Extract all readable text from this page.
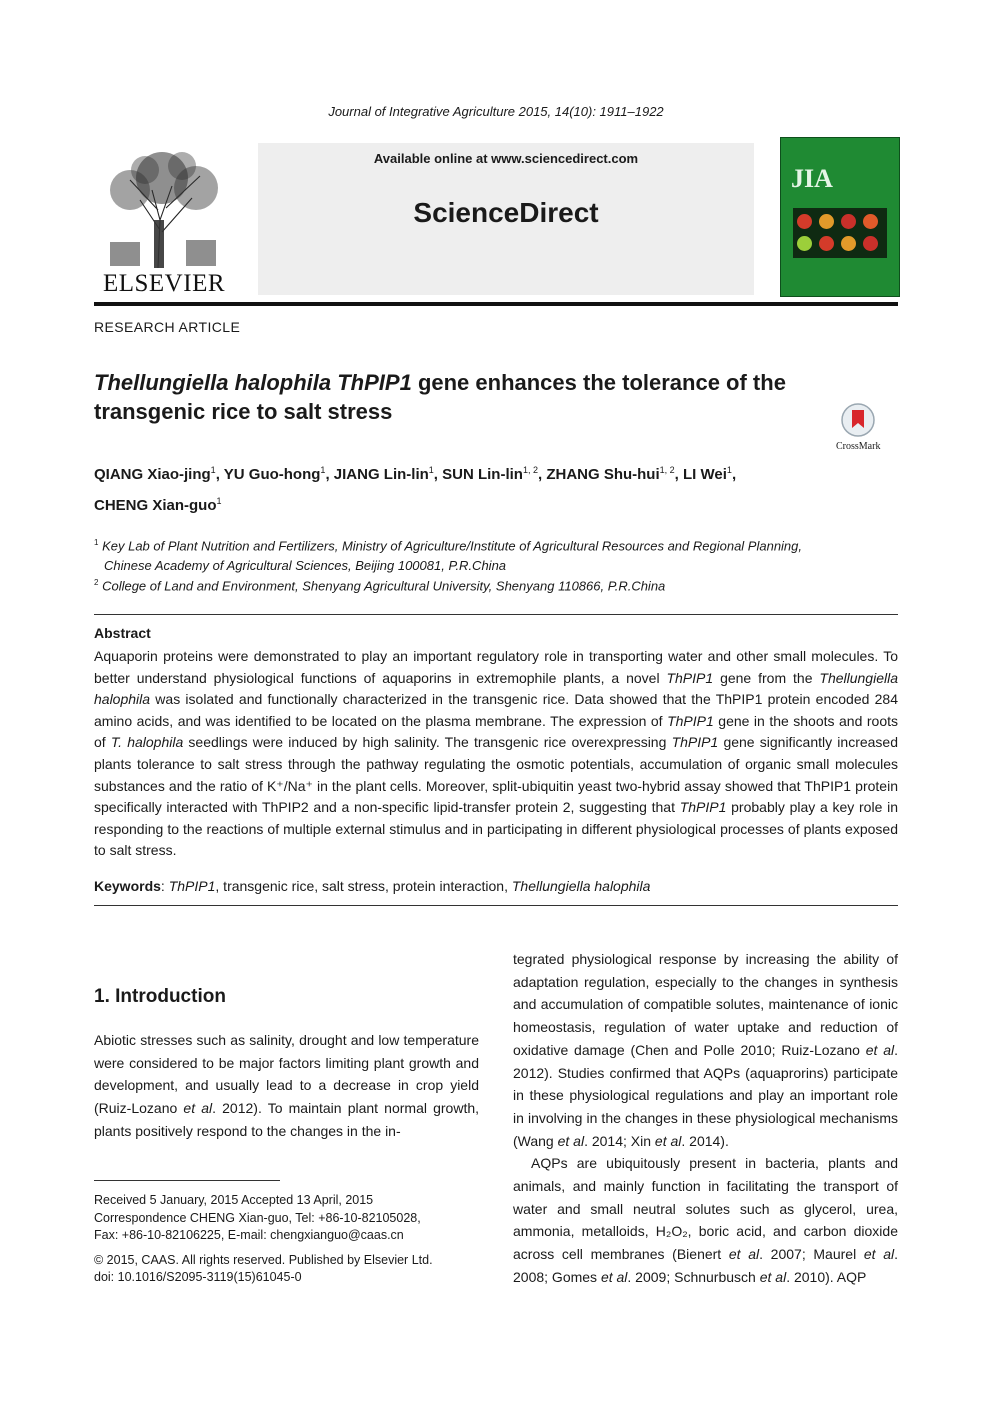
Journal of Integrative Agriculture 2015, 14(10): 1911–1922
ELSEVIER
Available online at www.sciencedirect.com
ScienceDirect
JIA
RESEARCH ARTICLE
Thellungiella halophila ThPIP1 gene enhances the tolerance of the transgenic rice to salt stress
CrossMark
QIANG Xiao-jing$^1$, YU Guo-hong$^1$, JIANG Lin-lin$^1$, SUN Lin-lin$^{1, 2}$, ZHANG Shu-hui$^{1, 2}$, LI Wei$^1$,
CHENG Xian-guo$^1$
$^1$ Key Lab of Plant Nutrition and Fertilizers, Ministry of Agriculture/Institute of Agricultural Resources and Regional Planning,
Chinese Academy of Agricultural Sciences, Beijing 100081, P.R.China
$^2$ College of Land and Environment, Shenyang Agricultural University, Shenyang 110866, P.R.China
Abstract
Aquaporin proteins were demonstrated to play an important regulatory role in transporting water and other small molecules. To better understand physiological functions of aquaporins in extremophile plants, a novel ThPIP1 gene from the Thellungiella halophila was isolated and functionally characterized in the transgenic rice. Data showed that the ThPIP1 protein encoded 284 amino acids, and was identified to be located on the plasma membrane. The expression of ThPIP1 gene in the shoots and roots of T. halophila seedlings were induced by high salinity. The transgenic rice overexpressing ThPIP1 gene significantly increased plants tolerance to salt stress through the pathway regulating the osmotic potentials, accumulation of organic small molecules substances and the ratio of K⁺/Na⁺ in the plant cells. Moreover, split-ubiquitin yeast two-hybrid assay showed that ThPIP1 protein specifically interacted with ThPIP2 and a non-specific lipid-transfer protein 2, suggesting that ThPIP1 probably play a key role in responding to the reactions of multiple external stimulus and in participating in different physiological processes of plants exposed to salt stress.
Keywords: ThPIP1, transgenic rice, salt stress, protein interaction, Thellungiella halophila
1. Introduction
Abiotic stresses such as salinity, drought and low temperature were considered to be major factors limiting plant growth and development, and usually lead to a decrease in crop yield (Ruiz-Lozano et al. 2012). To maintain plant normal growth, plants positively respond to the changes in the in-

tegrated physiological response by increasing the ability of adaptation regulation, especially to the changes in synthesis and accumulation of compatible solutes, maintenance of ionic homeostasis, regulation of water uptake and reduction of oxidative damage (Chen and Polle 2010; Ruiz-Lozano et al. 2012). Studies confirmed that AQPs (aquaprorins) participate in these physiological regulations and play an important role in involving in the changes in these physiological mechanisms (Wang et al. 2014; Xin et al. 2014).

AQPs are ubiquitously present in bacteria, plants and animals, and mainly function in facilitating the transport of water and small neutral solutes such as glycerol, urea, ammonia, metalloids, H₂O₂, boric acid, and carbon dioxide across cell membranes (Bienert et al. 2007; Maurel et al. 2008; Gomes et al. 2009; Schnurbusch et al. 2010). AQP

Received 5 January, 2015 Accepted 13 April, 2015
Correspondence CHENG Xian-guo, Tel: +86-10-82105028,
Fax: +86-10-82106225, E-mail: chengxianguo@caas.cn
© 2015, CAAS. All rights reserved. Published by Elsevier Ltd.
doi: 10.1016/S2095-3119(15)61045-0
